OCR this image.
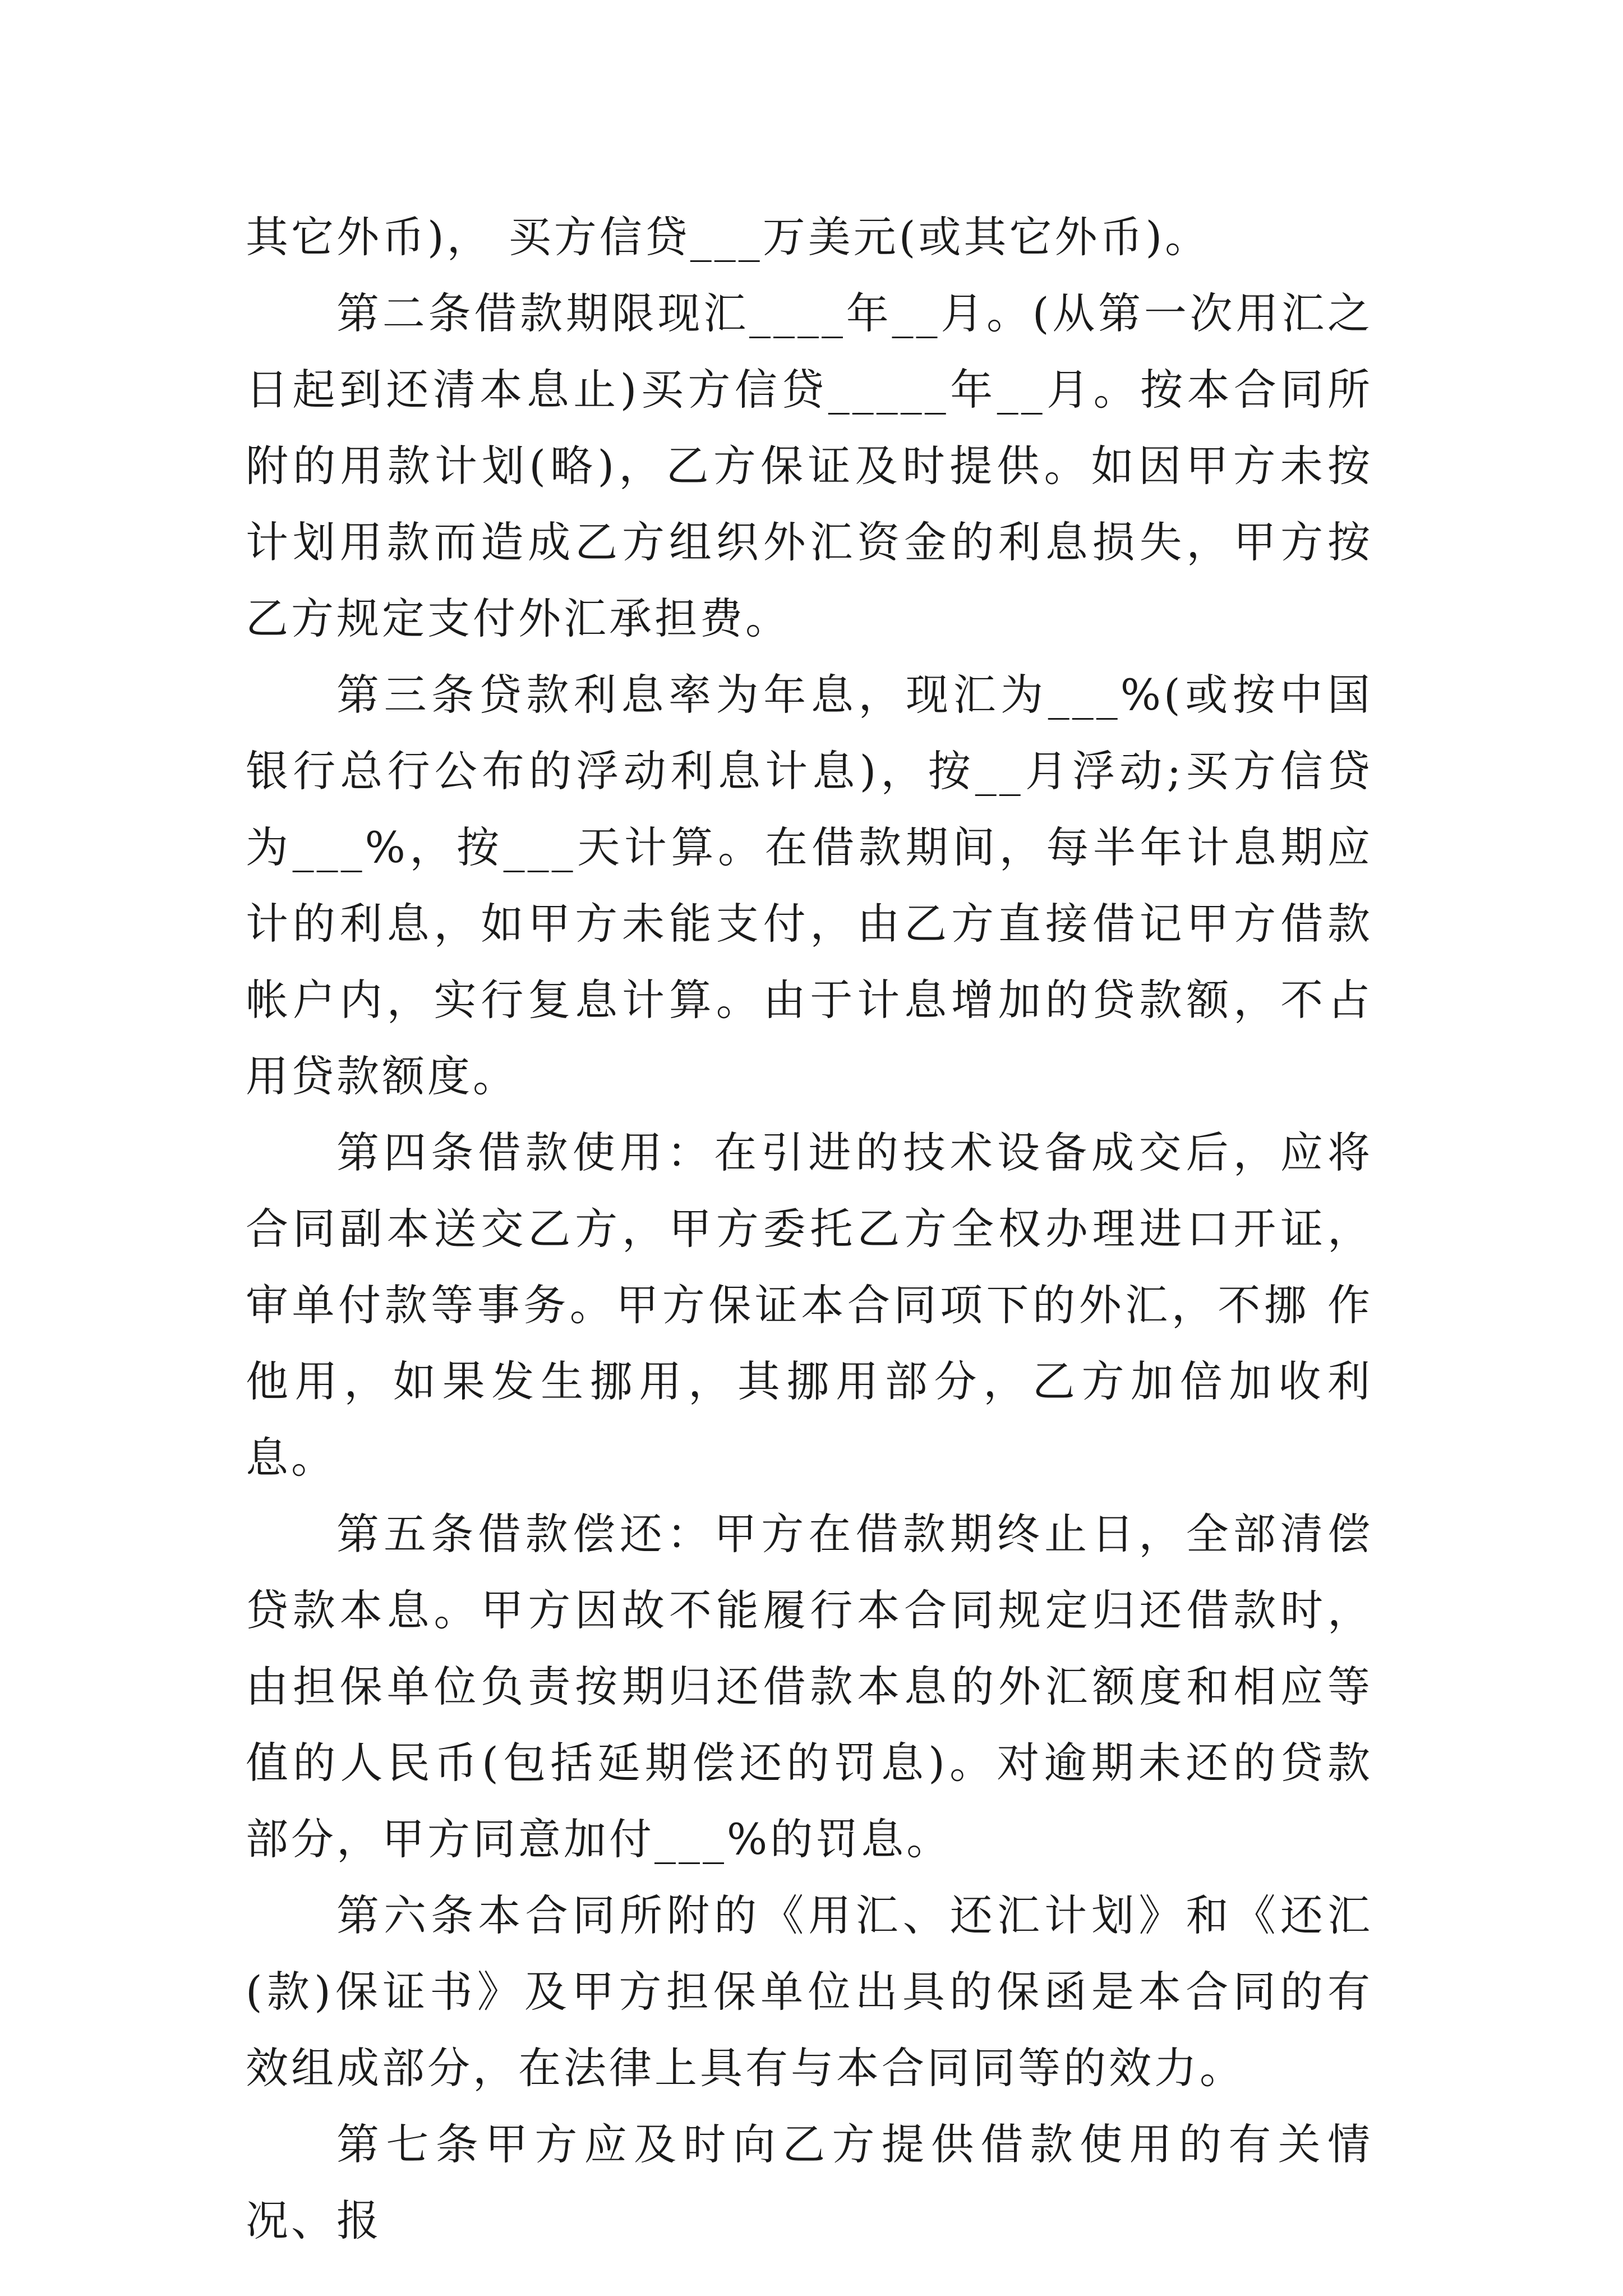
其它外币)， 买方信贷___万美元(或其它外币)。

第二条借款期限现汇____年__月。(从第一次用汇之日起到还清本息止)买方信贷_____年__月。按本合同所附的用款计划(略)，乙方保证及时提供。如因甲方未按计划用款而造成乙方组织外汇资金的利息损失，甲方按乙方规定支付外汇承担费。

第三条贷款利息率为年息，现汇为___%(或按中国银行总行公布的浮动利息计息)，按__月浮动;买方信贷为___%，按___天计算。在借款期间，每半年计息期应计的利息，如甲方未能支付，由乙方直接借记甲方借款帐户内，实行复息计算。由于计息增加的贷款额，不占用贷款额度。

第四条借款使用：在引进的技术设备成交后，应将合同副本送交乙方，甲方委托乙方全权办理进口开证，审单付款等事务。甲方保证本合同项下的外汇，不挪 作他用，如果发生挪用，其挪用部分，乙方加倍加收利息。

第五条借款偿还：甲方在借款期终止日，全部清偿贷款本息。甲方因故不能履行本合同规定归还借款时，由担保单位负责按期归还借款本息的外汇额度和相应等值的人民币(包括延期偿还的罚息)。对逾期未还的贷款部分，甲方同意加付___%的罚息。

第六条本合同所附的《用汇、还汇计划》和《还汇(款)保证书》及甲方担保单位出具的保函是本合同的有效组成部分，在法律上具有与本合同同等的效力。

第七条甲方应及时向乙方提供借款使用的有关情况、报
